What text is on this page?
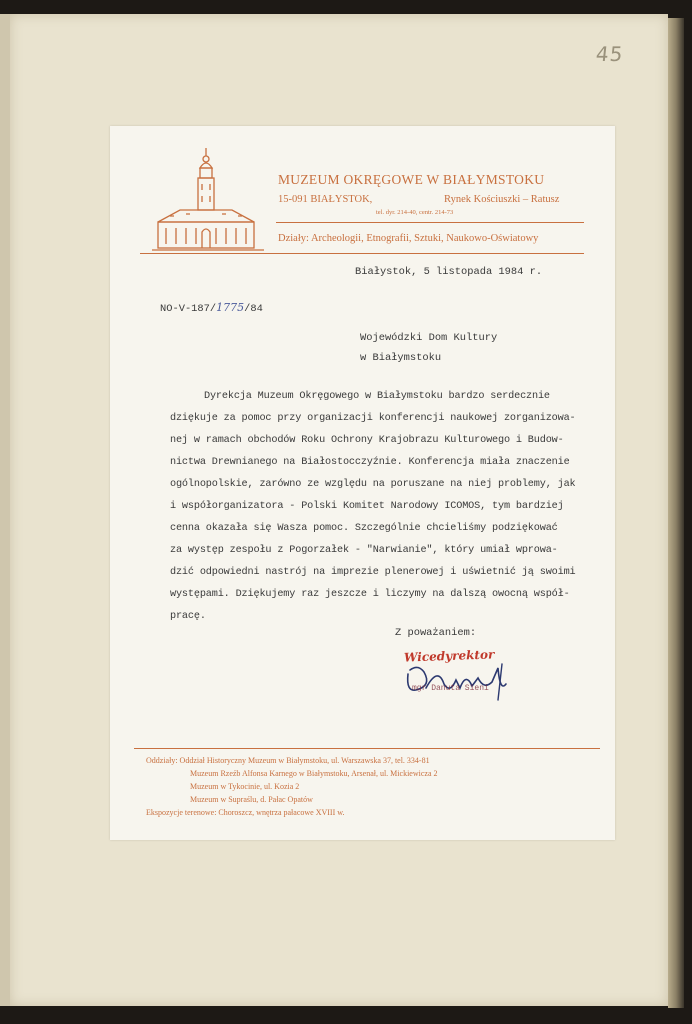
45
MUZEUM OKRĘGOWE W BIAŁYMSTOKU
15-091 BIAŁYSTOK,	Rynek Kościuszki – Ratusz
tel. dyr. 214-40, centr. 214-73
Działy: Archeologii, Etnografii, Sztuki, Naukowo-Oświatowy
Białystok, 5 listopada 1984 r.
NO-V-187/1775/84
Wojewódzki Dom Kultury
w Białymstoku
Dyrekcja Muzeum Okręgowego w Białymstoku bardzo serdecznie
dziękuje za pomoc przy organizacji konferencji naukowej zorganizowa-
nej w ramach obchodów Roku Ochrony Krajobrazu Kulturowego i Budow-
nictwa Drewnianego na Białostocczyźnie. Konferencja miała znaczenie
ogólnopolskie, zarówno ze względu na poruszane na niej problemy, jak
i współorganizatora - Polski Komitet Narodowy ICOMOS, tym bardziej
cenna okazała się Wasza pomoc. Szczególnie chcieliśmy podziękować
za występ zespołu z Pogorzałek - "Narwianie", który umiał wprowa-
dzić odpowiedni nastrój na imprezie plenerowej i uświetnić ją swoimi
występami. Dziękujemy raz jeszcze i liczymy na dalszą owocną współ-
pracę.
Z poważaniem:
Wicedyrektor
mgr Danuta Sieni
Oddziały: Oddział Historyczny Muzeum w Białymstoku, ul. Warszawska 37, tel. 334-81
Muzeum Rzeźb Alfonsa Karnego w Białymstoku, Arsenał, ul. Mickiewicza 2
Muzeum w Tykocinie, ul. Kozia 2
Muzeum w Supraślu, d. Pałac Opatów
Ekspozycje terenowe: Choroszcz, wnętrza pałacowe XVIII w.
